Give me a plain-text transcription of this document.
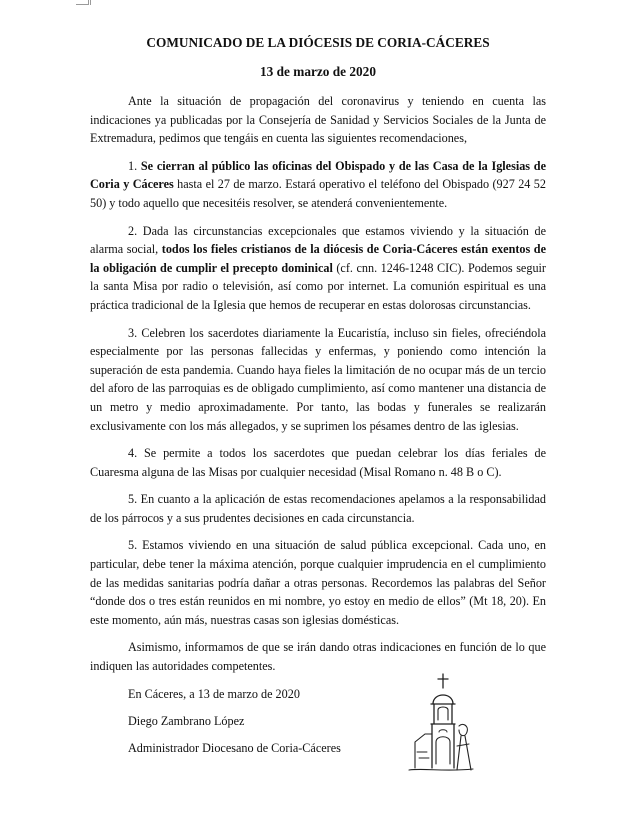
COMUNICADO DE LA DIÓCESIS DE CORIA-CÁCERES

13 de marzo de 2020

Ante la situación de propagación del coronavirus y teniendo en cuenta las indicaciones ya publicadas por la Consejería de Sanidad y Servicios Sociales de la Junta de Extremadura, pedimos que tengáis en cuenta las siguientes recomendaciones,

1. Se cierran al público las oficinas del Obispado y de las Casa de la Iglesias de Coria y Cáceres hasta el 27 de marzo. Estará operativo el teléfono del Obispado (927 24 52 50) y todo aquello que necesitéis resolver, se atenderá convenientemente.

2. Dada las circunstancias excepcionales que estamos viviendo y la situación de alarma social, todos los fieles cristianos de la diócesis de Coria-Cáceres están exentos de la obligación de cumplir el precepto dominical (cf. cnn. 1246-1248 CIC). Podemos seguir la santa Misa por radio o televisión, así como por internet. La comunión espiritual es una práctica tradicional de la Iglesia que hemos de recuperar en estas dolorosas circunstancias.

3. Celebren los sacerdotes diariamente la Eucaristía, incluso sin fieles, ofreciéndola especialmente por las personas fallecidas y enfermas, y poniendo como intención la superación de esta pandemia. Cuando haya fieles la limitación de no ocupar más de un tercio del aforo de las parroquias es de obligado cumplimiento, así como mantener una distancia de un metro y medio aproximadamente. Por tanto, las bodas y funerales se realizarán exclusivamente con los más allegados, y se suprimen los pésames dentro de las iglesias.

4. Se permite a todos los sacerdotes que puedan celebrar los días feriales de Cuaresma alguna de las Misas por cualquier necesidad (Misal Romano n. 48 B o C).

5. En cuanto a la aplicación de estas recomendaciones apelamos a la responsabilidad de los párrocos y a sus prudentes decisiones en cada circunstancia.

5. Estamos viviendo en una situación de salud pública excepcional. Cada uno, en particular, debe tener la máxima atención, porque cualquier imprudencia en el cumplimiento de las medidas sanitarias podría dañar a otras personas. Recordemos las palabras del Señor “donde dos o tres están reunidos en mi nombre, yo estoy en medio de ellos” (Mt 18, 20). En este momento, aún más, nuestras casas son iglesias domésticas.

Asimismo, informamos de que se irán dando otras indicaciones en función de lo que indiquen las autoridades competentes.

En Cáceres, a 13 de marzo de 2020

Diego Zambrano López

Administrador Diocesano de Coria-Cáceres
